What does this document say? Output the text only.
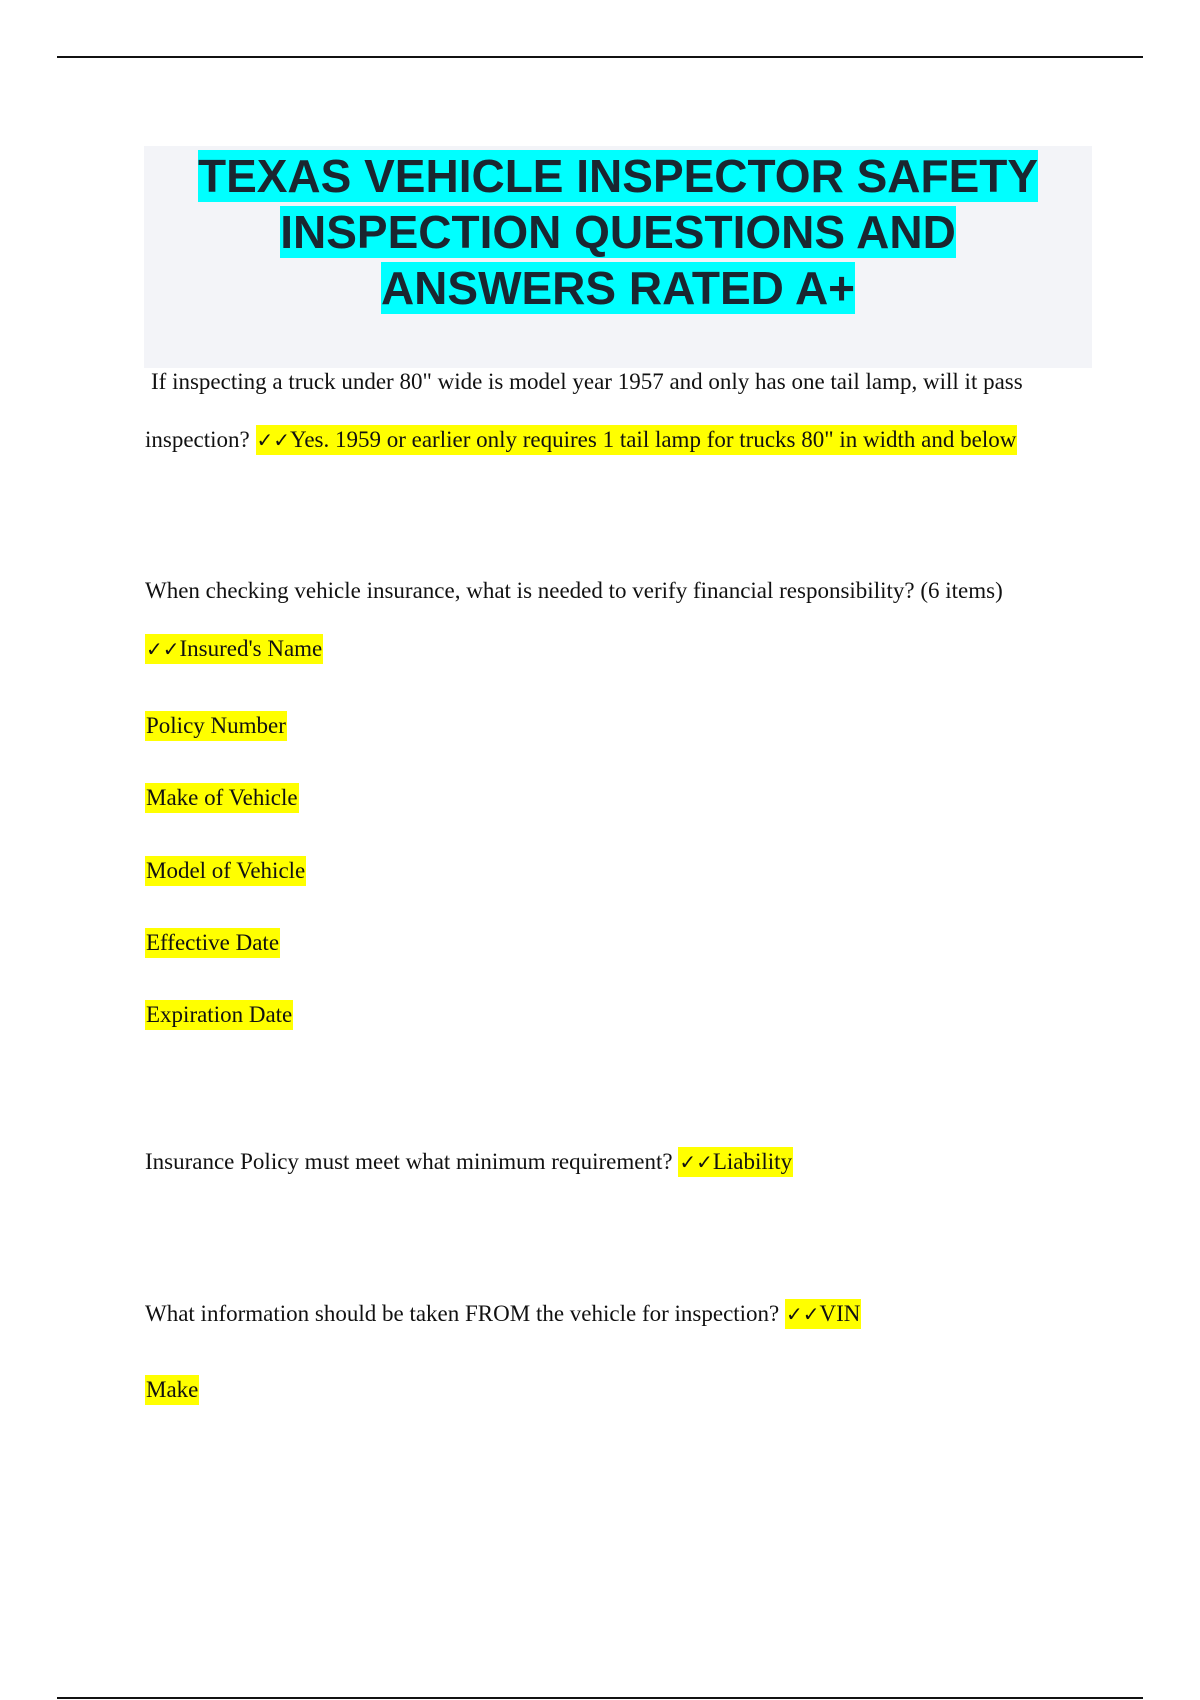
TEXAS VEHICLE INSPECTOR SAFETY
INSPECTION QUESTIONS AND
ANSWERS RATED A+

If inspecting a truck under 80" wide is model year 1957 and only has one tail lamp, will it pass

inspection? ✓✓Yes. 1959 or earlier only requires 1 tail lamp for trucks 80" in width and below

When checking vehicle insurance, what is needed to verify financial responsibility? (6 items)

✓✓Insured's Name

Policy Number

Make of Vehicle

Model of Vehicle

Effective Date

Expiration Date

Insurance Policy must meet what minimum requirement? ✓✓Liability

What information should be taken FROM the vehicle for inspection? ✓✓VIN

Make
